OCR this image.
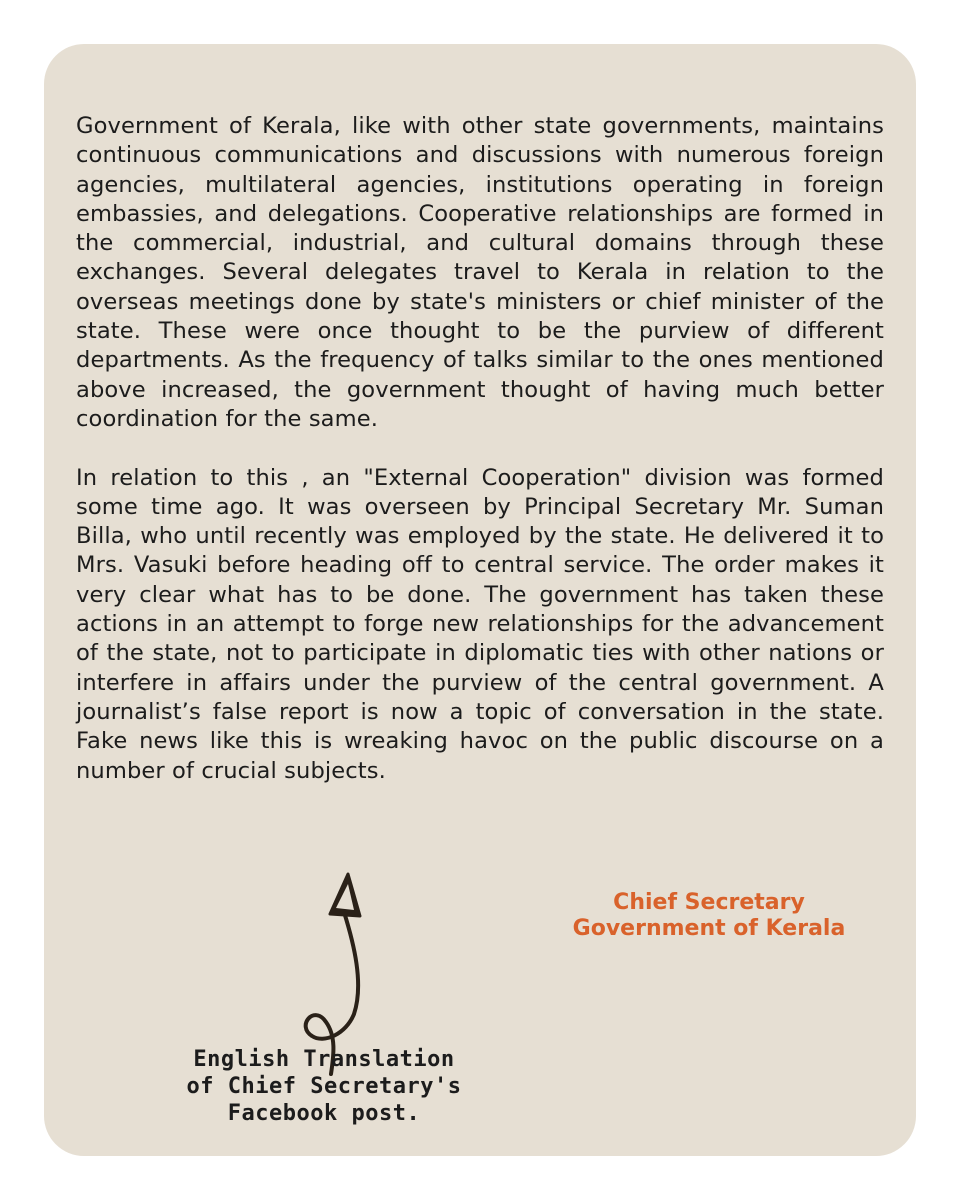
Government of Kerala, like with other state governments, maintains continuous communications and discussions with numerous foreign agencies, multilateral agencies, institutions operating in foreign embassies, and delegations. Cooperative relationships are formed in the commercial, industrial, and cultural domains through these exchanges. Several delegates travel to Kerala in relation to the overseas meetings done by state's ministers or chief minister of the state. These were once thought to be the purview of different departments. As the frequency of talks similar to the ones mentioned above increased, the government thought of having much better coordination for the same.

In relation to this , an "External Cooperation" division was formed some time ago. It was overseen by Principal Secretary Mr. Suman Billa, who until recently was employed by the state. He delivered it to Mrs. Vasuki before heading off to central service. The order makes it very clear what has to be done. The government has taken these actions in an attempt to forge new relationships for the advancement of the state, not to participate in diplomatic ties with other nations or interfere in affairs under the purview of the central government. A journalist’s false report is now a topic of conversation in the state. Fake news like this is wreaking havoc on the public discourse on a number of crucial subjects.

Chief Secretary
Government of Kerala
English Translation
of Chief Secretary's
Facebook post.
